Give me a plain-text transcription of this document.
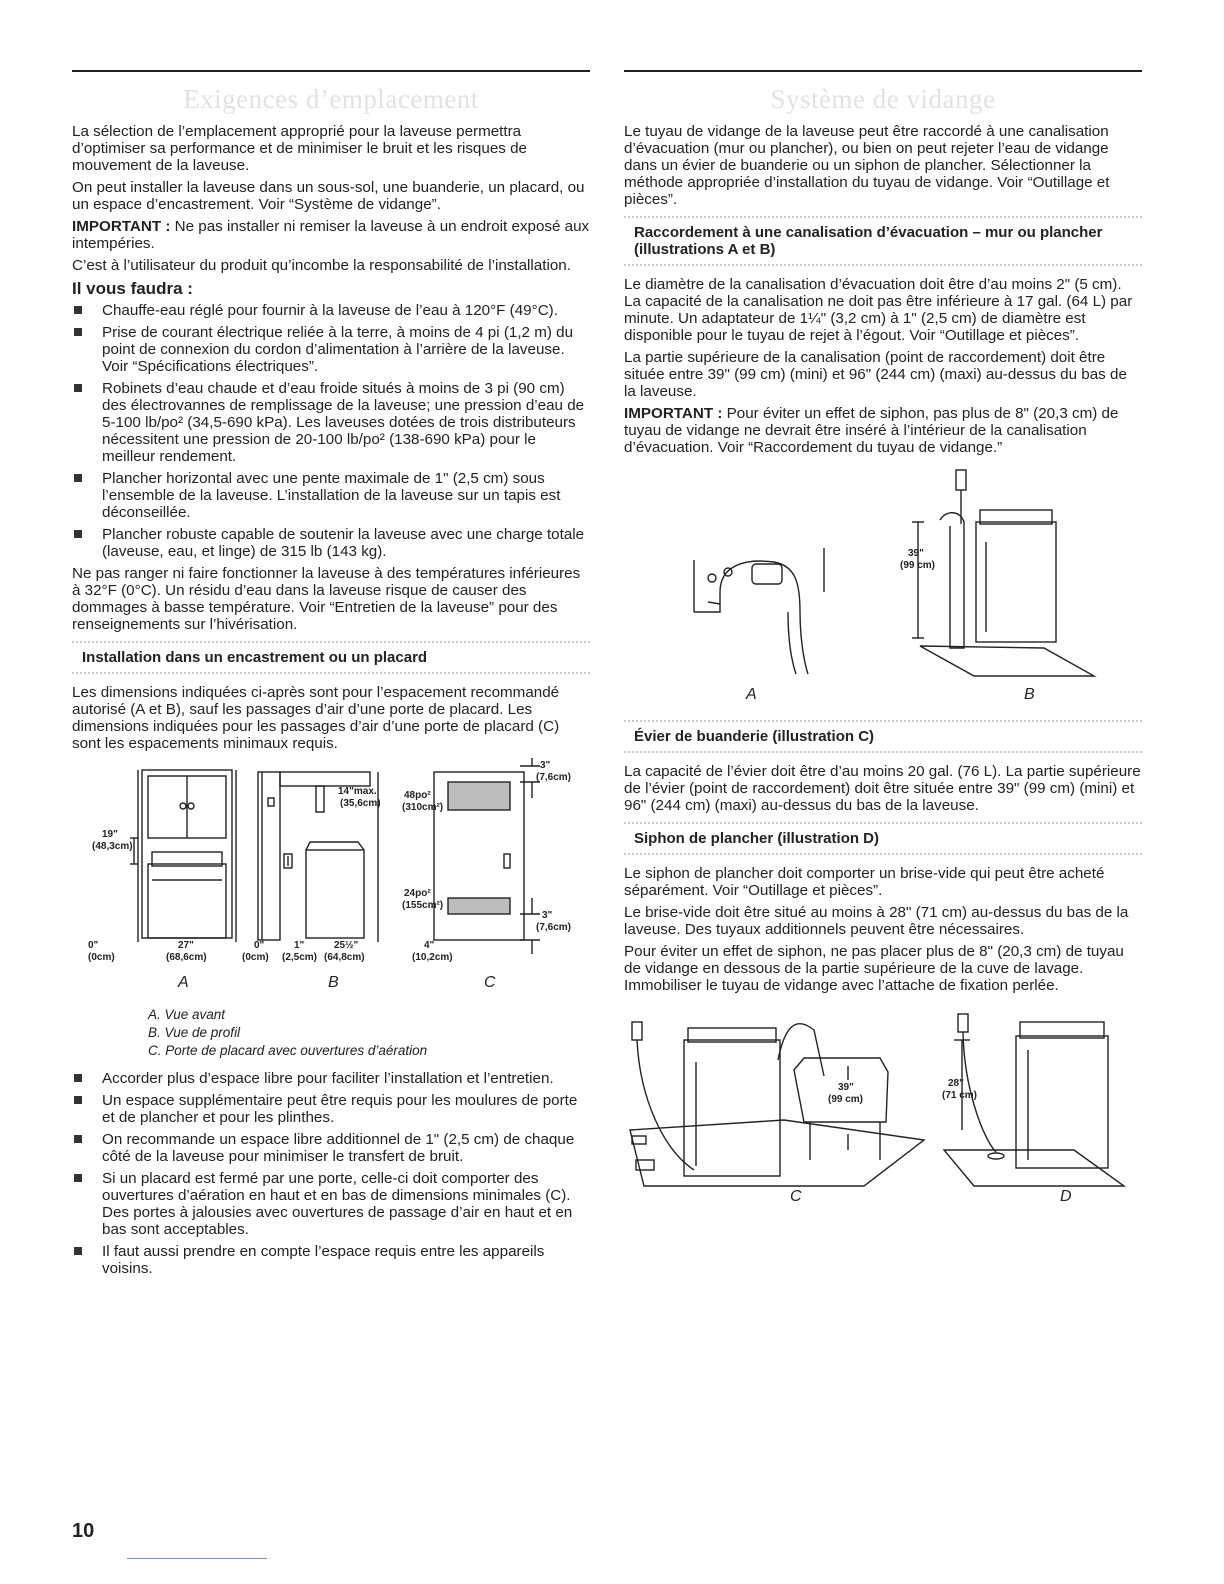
Exigences d’emplacement

La sélection de l’emplacement approprié pour la laveuse permettra d’optimiser sa performance et de minimiser le bruit et les risques de mouvement de la laveuse.

On peut installer la laveuse dans un sous-sol, une buanderie, un placard, ou un espace d’encastrement. Voir “Système de vidange”.

IMPORTANT : Ne pas installer ni remiser la laveuse à un endroit exposé aux intempéries.

C’est à l’utilisateur du produit qu’incombe la responsabilité de l’installation.

Il vous faudra :
Chauffe-eau réglé pour fournir à la laveuse de l’eau à 120°F (49°C).
Prise de courant électrique reliée à la terre, à moins de 4 pi (1,2 m) du point de connexion du cordon d’alimentation à l’arrière de la laveuse. Voir “Spécifications électriques”.
Robinets d’eau chaude et d’eau froide situés à moins de 3 pi (90 cm) des électrovannes de remplissage de la laveuse; une pression d’eau de 5-100 lb/po² (34,5-690 kPa). Les laveuses dotées de trois distributeurs nécessitent une pression de 20-100 lb/po² (138-690 kPa) pour le meilleur rendement.
Plancher horizontal avec une pente maximale de 1" (2,5 cm) sous l’ensemble de la laveuse. L’installation de la laveuse sur un tapis est déconseillée.
Plancher robuste capable de soutenir la laveuse avec une charge totale (laveuse, eau, et linge) de 315 lb (143 kg).

Ne pas ranger ni faire fonctionner la laveuse à des températures inférieures à 32°F (0°C). Un résidu d’eau dans la laveuse risque de causer des dommages à basse température. Voir “Entretien de la laveuse” pour des renseignements sur l’hivérisation.

Installation dans un encastrement ou un placard

Les dimensions indiquées ci-après sont pour l’espacement recommandé autorisé (A et B), sauf les passages d’air d’une porte de placard. Les dimensions indiquées pour les passages d’air d’une porte de placard (C) sont les espacements minimaux requis.

19"
(48,3cm)
14"max.
(35,6cm)
48po²
(310cm²)
24po²
(155cm²)
3"
(7,6cm)
3"
(7,6cm)
0"
(0cm)
27"
(68,6cm)
0"
(0cm)
1"
(2,5cm)
25½"
(64,8cm)
4"
(10,2cm)
A	B	C
A. Vue avant
B. Vue de profil
C. Porte de placard avec ouvertures d’aération
Accorder plus d’espace libre pour faciliter l’installation et l’entretien.
Un espace supplémentaire peut être requis pour les moulures de porte et de plancher et pour les plinthes.
On recommande un espace libre additionnel de 1" (2,5 cm) de chaque côté de la laveuse pour minimiser le transfert de bruit.
Si un placard est fermé par une porte, celle-ci doit comporter des ouvertures d’aération en haut et en bas de dimensions minimales (C). Des portes à jalousies avec ouvertures de passage d’air en haut et en bas sont acceptables.
Il faut aussi prendre en compte l’espace requis entre les appareils voisins.
Système de vidange

Le tuyau de vidange de la laveuse peut être raccordé à une canalisation d’évacuation (mur ou plancher), ou bien on peut rejeter l’eau de vidange dans un évier de buanderie ou un siphon de plancher. Sélectionner la méthode appropriée d’installation du tuyau de vidange. Voir “Outillage et pièces”.

Raccordement à une canalisation d’évacuation – mur ou plancher (illustrations A et B)

Le diamètre de la canalisation d’évacuation doit être d’au moins 2" (5 cm). La capacité de la canalisation ne doit pas être inférieure à 17 gal. (64 L) par minute. Un adaptateur de 1¼" (3,2 cm) à 1" (2,5 cm) de diamètre est disponible pour le tuyau de rejet à l’égout. Voir “Outillage et pièces”.

La partie supérieure de la canalisation (point de raccordement) doit être située entre 39" (99 cm) (mini) et 96" (244 cm) (maxi) au-dessus du bas de la laveuse.

IMPORTANT : Pour éviter un effet de siphon, pas plus de 8" (20,3 cm) de tuyau de vidange ne devrait être inséré à l’intérieur de la canalisation d’évacuation. Voir “Raccordement du tuyau de vidange.”

39"
(99 cm)
A	B
Évier de buanderie (illustration C)

La capacité de l’évier doit être d’au moins 20 gal. (76 L). La partie supérieure de l’évier (point de raccordement) doit être située entre 39" (99 cm) (mini) et 96" (244 cm) (maxi) au-dessus du bas de la laveuse.

Siphon de plancher (illustration D)

Le siphon de plancher doit comporter un brise-vide qui peut être acheté séparément. Voir “Outillage et pièces”.

Le brise-vide doit être situé au moins à 28" (71 cm) au-dessus du bas de la laveuse. Des tuyaux additionnels peuvent être nécessaires.

Pour éviter un effet de siphon, ne pas placer plus de 8" (20,3 cm) de tuyau de vidange en dessous de la partie supérieure de la cuve de lavage. Immobiliser le tuyau de vidange avec l’attache de fixation perlée.

39"
(99 cm)
28"
(71 cm)
C	D
10
